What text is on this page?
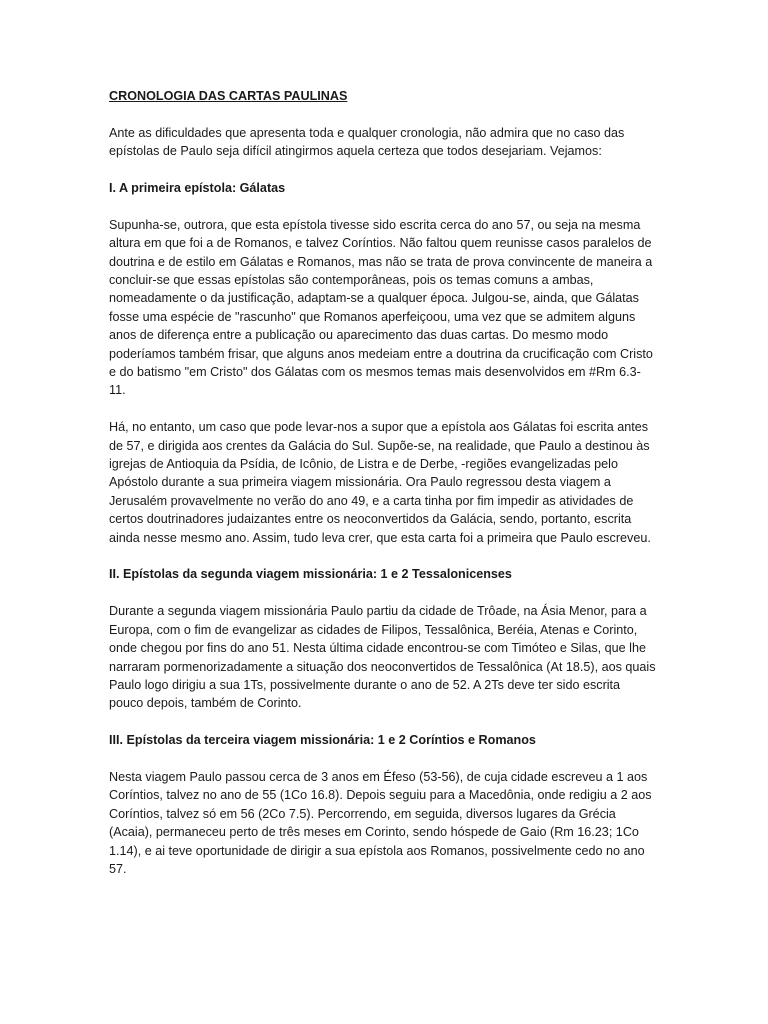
CRONOLOGIA DAS CARTAS PAULINAS

Ante as dificuldades que apresenta toda e qualquer cronologia, não admira que no caso das epístolas de Paulo seja difícil atingirmos aquela certeza que todos desejariam. Vejamos:

I. A primeira epístola: Gálatas

Supunha-se, outrora, que esta epístola tivesse sido escrita cerca do ano 57, ou seja na mesma altura em que foi a de Romanos, e talvez Coríntios. Não faltou quem reunisse casos paralelos de doutrina e de estilo em Gálatas e Romanos, mas não se trata de prova convincente de maneira a concluir-se que essas epístolas são contemporâneas, pois os temas comuns a ambas, nomeadamente o da justificação, adaptam-se a qualquer época. Julgou-se, ainda, que Gálatas fosse uma espécie de "rascunho" que Romanos aperfeiçoou, uma vez que se admitem alguns anos de diferença entre a publicação ou aparecimento das duas cartas. Do mesmo modo poderíamos também frisar, que alguns anos medeiam entre a doutrina da crucificação com Cristo e do batismo "em Cristo" dos Gálatas com os mesmos temas mais desenvolvidos em #Rm 6.3-11.

Há, no entanto, um caso que pode levar-nos a supor que a epístola aos Gálatas foi escrita antes de 57, e dirigida aos crentes da Galácia do Sul. Supõe-se, na realidade, que Paulo a destinou às igrejas de Antioquia da Psídia, de Icônio, de Listra e de Derbe, -regiões evangelizadas pelo Apóstolo durante a sua primeira viagem missionária. Ora Paulo regressou desta viagem a Jerusalém provavelmente no verão do ano 49, e a carta tinha por fim impedir as atividades de certos doutrinadores judaizantes entre os neoconvertidos da Galácia, sendo, portanto, escrita ainda nesse mesmo ano. Assim, tudo leva crer, que esta carta foi a primeira que Paulo escreveu.

II. Epístolas da segunda viagem missionária: 1 e 2 Tessalonicenses

Durante a segunda viagem missionária Paulo partiu da cidade de Trôade, na Ásia Menor, para a Europa, com o fim de evangelizar as cidades de Filipos, Tessalônica, Beréia, Atenas e Corinto, onde chegou por fins do ano 51. Nesta última cidade encontrou-se com Timóteo e Silas, que lhe narraram pormenorizadamente a situação dos neoconvertidos de Tessalônica (At 18.5), aos quais Paulo logo dirigiu a sua 1Ts, possivelmente durante o ano de 52. A 2Ts deve ter sido escrita pouco depois, também de Corinto.

III. Epístolas da terceira viagem missionária: 1 e 2 Coríntios e Romanos

Nesta viagem Paulo passou cerca de 3 anos em Éfeso (53-56), de cuja cidade escreveu a 1 aos Coríntios, talvez no ano de 55 (1Co 16.8). Depois seguiu para a Macedônia, onde redigiu a 2 aos Coríntios, talvez só em 56 (2Co 7.5). Percorrendo, em seguida, diversos lugares da Grécia (Acaia), permaneceu perto de três meses em Corinto, sendo hóspede de Gaio (Rm 16.23; 1Co 1.14), e ai teve oportunidade de dirigir a sua epístola aos Romanos, possivelmente cedo no ano 57.
